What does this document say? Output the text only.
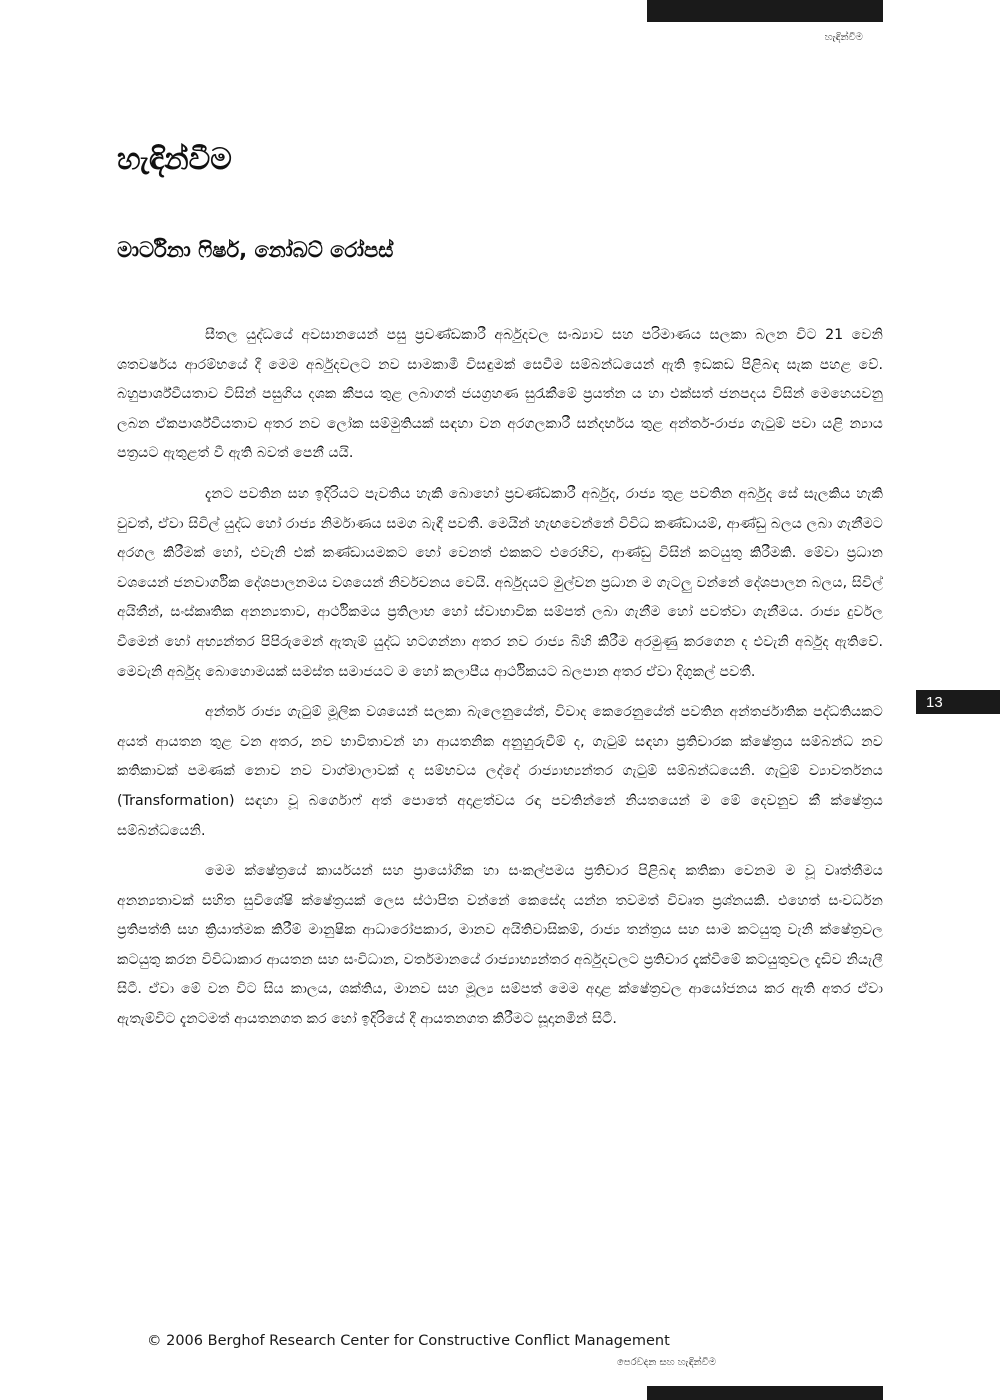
හැඳින්වීම
හැඳින්වීම
මාර්ටිනා ෆිෂර්, නෝබට් රෝපස්

සීතල යුද්ධයේ අවසානයෙන් පසු ප්‍රචණ්ඩකාරී අර්බුදවල සංඛ්‍යාව සහ පරිමාණය සලකා බලන විට 21 වෙනි ශතවර්ෂය ආරම්භයේ දී මෙම අර්බුදවලට නව සාමකාමී විසඳුමක් සෙවීම සම්බන්ධයෙන් ඇති ඉඩකඩ පිළිබඳ සැක පහළ වේ. බහුපාර්ශ්වීයතාව විසින් පසුගිය දශක කීපය තුළ ලබාගත් ජයග්‍රහණ සුරැකීමේ ප්‍රයත්න ය හා එක්සත් ජනපදය විසින් මෙහෙයවනු ලබන ඒකපාර්ශ්වීයතාව අතර නව ලෝක සම්මුතියක් සඳහා වන අරගලකාරී සන්දර්භය තුළ අන්තර්-රාජ්‍ය ගැටුම් පවා යළි න්‍යාය පත්‍රයට ඇතුළත් වී ඇති බවත් පෙනී යයි.

දැනට පවතින සහ ඉදිරියට පැවතිය හැකි බොහෝ ප්‍රචණ්ඩකාරී අර්බුද, රාජ්‍ය තුළ පවතින අර්බුද සේ සැලකිය හැකි වුවත්, ඒවා සිවිල් යුද්ධ හෝ රාජ්‍ය නිර්මාණය සමග බැඳී පවතී. මෙයින් හැඟවෙන්නේ විවිධ කණ්ඩායම්, ආණ්ඩු බලය ලබා ගැනීමට අරගල කිරීමක් හෝ, එවැනි එක් කණ්ඩායමකට හෝ වෙනත් එකකට එරෙහිව, ආණ්ඩු විසින් කටයුතු කිරීමකි. මේවා ප්‍රධාන වශයෙන් ජනවාර්ගික දේශපාලනමය වශයෙන් නිර්වචනය වෙයි. අර්බුදයට මුල්වන ප්‍රධාන ම ගැටලු වන්නේ දේශපාලන බලය, සිවිල් අයිතීන්, සංස්කෘතික අනන්‍යතාව, ආර්ථිකමය ප්‍රතිලාභ හෝ ස්වාභාවික සම්පත් ලබා ගැනීම හෝ පවත්වා ගැනීමය. රාජ්‍ය දුර්වල වීමෙන් හෝ අභ්‍යන්තර පිපිරුමෙන් ඇතැම් යුද්ධ හටගන්නා අතර නව රාජ්‍ය බිහි කිරීම අරමුණු කරගෙන ද එවැනි අර්බුද ඇතිවේ. මෙවැනි අර්බුද බොහොමයක් සමස්ත සමාජයට ම හෝ කලාපීය ආර්ථිකයට බලපාන අතර ඒවා දිගුකල් පවතී.

අන්තර් රාජ්‍ය ගැටුම් මූලික වශයෙන් සලකා බැලෙනුයේත්, විවාද කෙරෙනුයේත් පවතින අන්තර්ජාතික පද්ධතියකට අයත් ආයතන තුළ වන අතර, නව භාවිතාවන් හා ආයතනික අනුහුරුවීම් ද, ගැටුම් සඳහා ප්‍රතිචාරක ක්ෂේත්‍රය සම්බන්ධ නව කතිකාවක් පමණක් නොව නව වාග්මාලාවක් ද සම්භවය ලද්දේ රාජ්‍යාභ්‍යන්තර ගැටුම් සම්බන්ධයෙනි. ගැටුම් ව්‍යාවර්තනය (Transformation) සඳහා වූ බර්ගොෆ් අත් පොතේ අදාළත්වය රඳා පවතින්නේ නියතයෙන් ම මේ දෙවනුව කී ක්ෂේත්‍රය සම්බන්ධයෙනි.

මෙම ක්ෂේත්‍රයේ කාර්යයන් සහ ප්‍රායෝගික හා සංකල්පමය ප්‍රතිචාර පිළිබඳ කතිකා වෙනම ම වූ වෘත්තීමය අනන්‍යතාවක් සහිත සුවිශේෂි ක්ෂේත්‍රයක් ලෙස ස්ථාපිත වන්නේ කෙසේද යන්න තවමත් විවෘත ප්‍රශ්නයකි. එහෙත් සංවර්ධන ප්‍රතිපත්ති සහ ක්‍රියාත්මක කිරීම් මානුෂික ආධාරෝපකාර, මානව අයිතිවාසිකම්, රාජ්‍ය තන්ත්‍රය සහ සාම කටයුතු වැනි ක්ෂේත්‍රවල කටයුතු කරන විවිධාකාර ආයතන සහ සංවිධාන, වර්තමානයේ රාජ්‍යාභ්‍යන්තර අර්බුදවලට ප්‍රතිචාර දැක්වීමේ කටයුතුවල දැඩිව නියැලී සිටී. ඒවා මේ වන විට සිය කාලය, ශක්තිය, මානව සහ මූල්‍ය සම්පත් මෙම අදාළ ක්ෂේත්‍රවල ආයෝජනය කර ඇති අතර ඒවා ඇතැම්විට දැනටමත් ආයතනගත කර හෝ ඉදිරියේ දී ආයතනගත කිරීමට සූදානමින් සිටී.

13
© 2006 Berghof Research Center for Constructive Conflict Management
පෙරවදන සහ හැඳින්වීම
